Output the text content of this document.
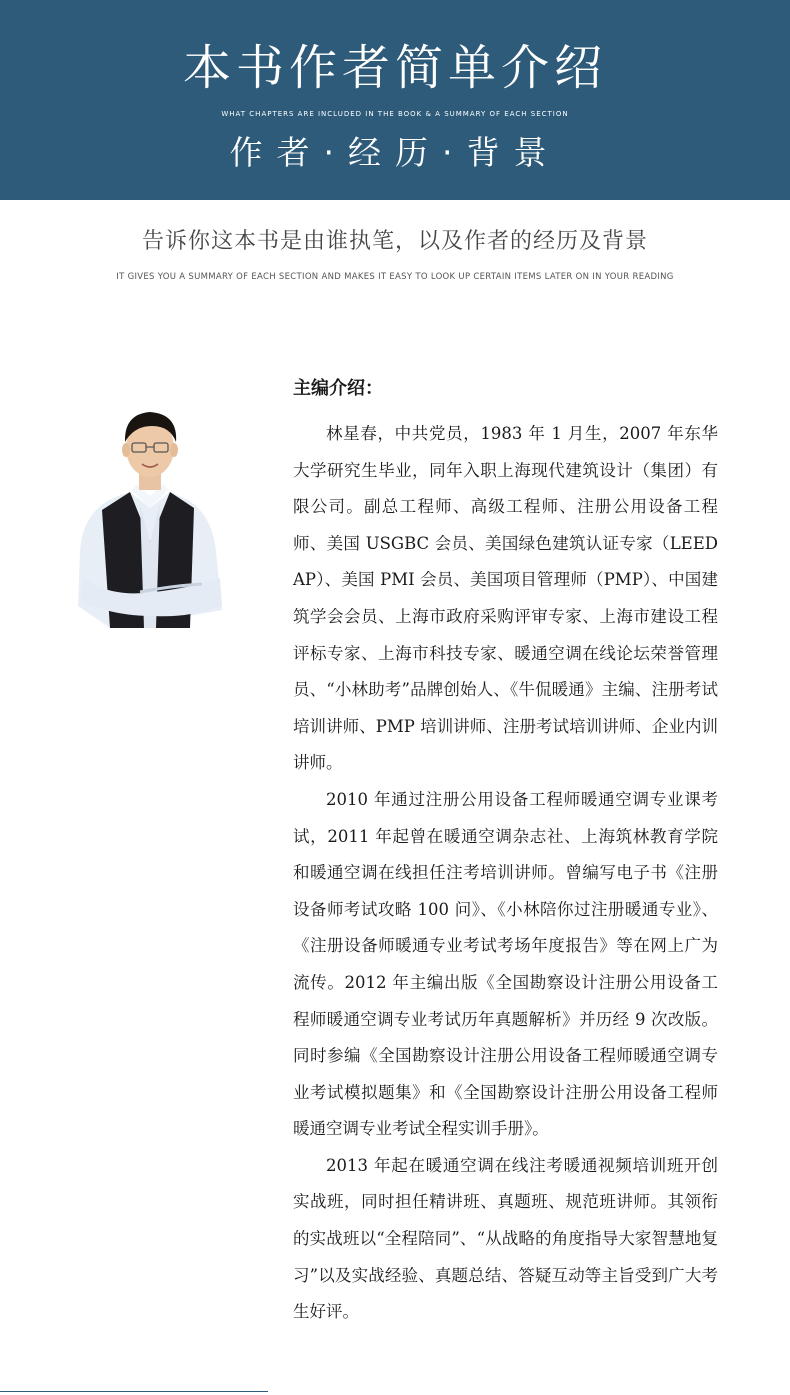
本书作者简单介绍
WHAT CHAPTERS ARE INCLUDED IN THE BOOK & A SUMMARY OF EACH SECTION
作者·经历·背景
告诉你这本书是由谁执笔，以及作者的经历及背景
IT GIVES YOU A SUMMARY OF EACH SECTION AND MAKES IT EASY TO LOOK UP CERTAIN ITEMS LATER ON IN YOUR READING
主编介绍：

林星春，中共党员，1983 年 1 月生，2007 年东华大学研究生毕业，同年入职上海现代建筑设计（集团）有限公司。副总工程师、高级工程师、注册公用设备工程师、美国 USGBC 会员、美国绿色建筑认证专家（LEED AP）、美国 PMI 会员、美国项目管理师（PMP）、中国建筑学会会员、上海市政府采购评审专家、上海市建设工程评标专家、上海市科技专家、暖通空调在线论坛荣誉管理员、“小林助考”品牌创始人、《牛侃暖通》主编、注册考试培训讲师、PMP 培训讲师、注册考试培训讲师、企业内训讲师。

2010 年通过注册公用设备工程师暖通空调专业课考试，2011 年起曾在暖通空调杂志社、上海筑林教育学院和暖通空调在线担任注考培训讲师。曾编写电子书《注册设备师考试攻略 100 问》、《小林陪你过注册暖通专业》、《注册设备师暖通专业考试考场年度报告》等在网上广为流传。2012 年主编出版《全国勘察设计注册公用设备工程师暖通空调专业考试历年真题解析》并历经 9 次改版。同时参编《全国勘察设计注册公用设备工程师暖通空调专业考试模拟题集》和《全国勘察设计注册公用设备工程师暖通空调专业考试全程实训手册》。

2013 年起在暖通空调在线注考暖通视频培训班开创实战班，同时担任精讲班、真题班、规范班讲师。其领衔的实战班以“全程陪同”、“从战略的角度指导大家智慧地复习”以及实战经验、真题总结、答疑互动等主旨受到广大考生好评。
